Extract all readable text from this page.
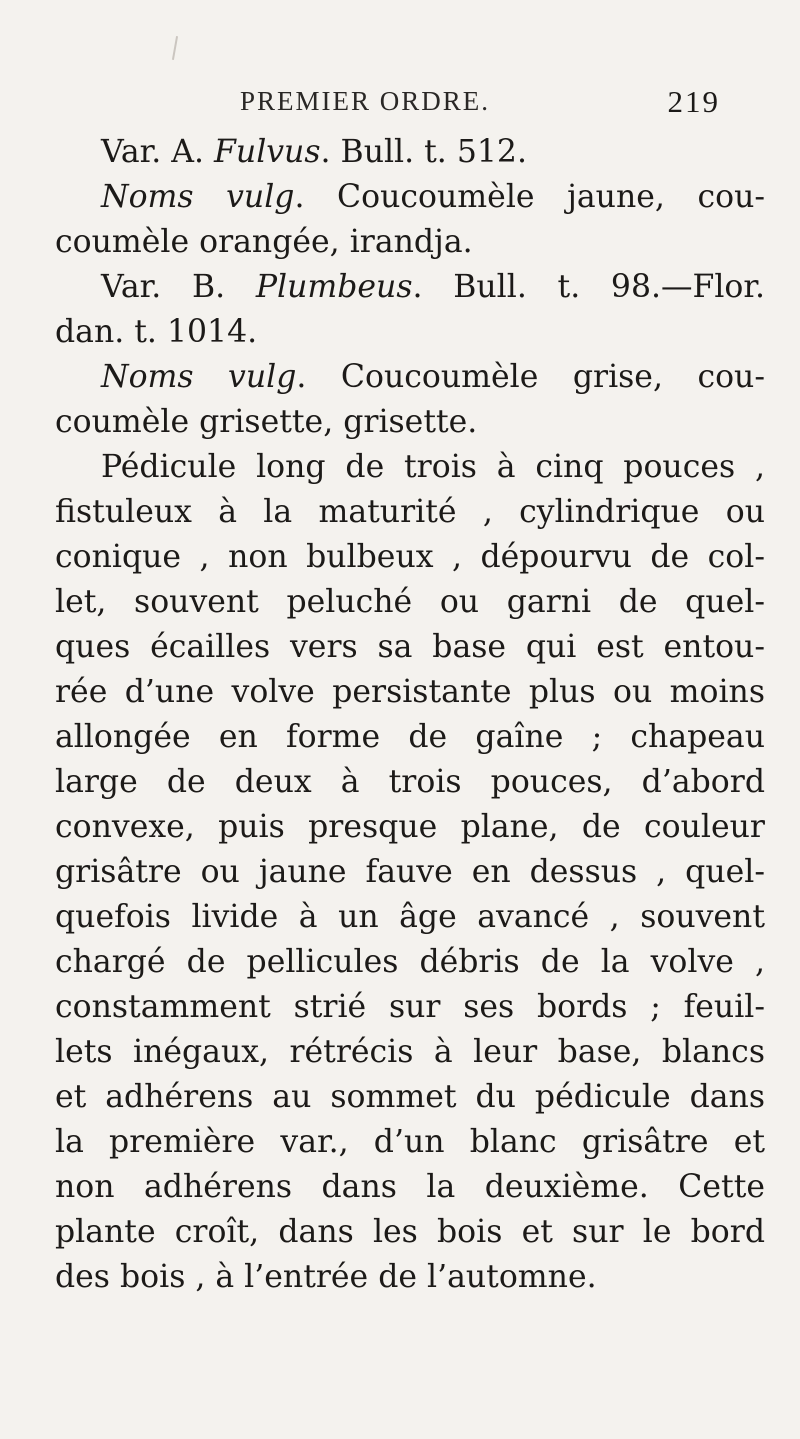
PREMIER ORDRE.	219
Var. A. Fulvus. Bull. t. 512.
Noms vulg. Coucoumèle jaune, cou-
coumèle orangée, irandja.
Var. B. Plumbeus. Bull. t. 98.—Flor.
dan. t. 1014.
Noms vulg. Coucoumèle grise, cou-
coumèle grisette, grisette.
Pédicule long de trois à cinq pouces ,
fistuleux à la maturité , cylindrique ou
conique , non bulbeux , dépourvu de col-
let, souvent peluché ou garni de quel-
ques écailles vers sa base qui est entou-
rée d’une volve persistante plus ou moins
allongée en forme de gaîne ; chapeau
large de deux à trois pouces, d’abord
convexe, puis presque plane, de couleur
grisâtre ou jaune fauve en dessus , quel-
quefois livide à un âge avancé , souvent
chargé de pellicules débris de la volve ,
constamment strié sur ses bords ; feuil-
lets inégaux, rétrécis à leur base, blancs
et adhérens au sommet du pédicule dans
la première var., d’un blanc grisâtre et
non adhérens dans la deuxième. Cette
plante croît, dans les bois et sur le bord
des bois , à l’entrée de l’automne.
